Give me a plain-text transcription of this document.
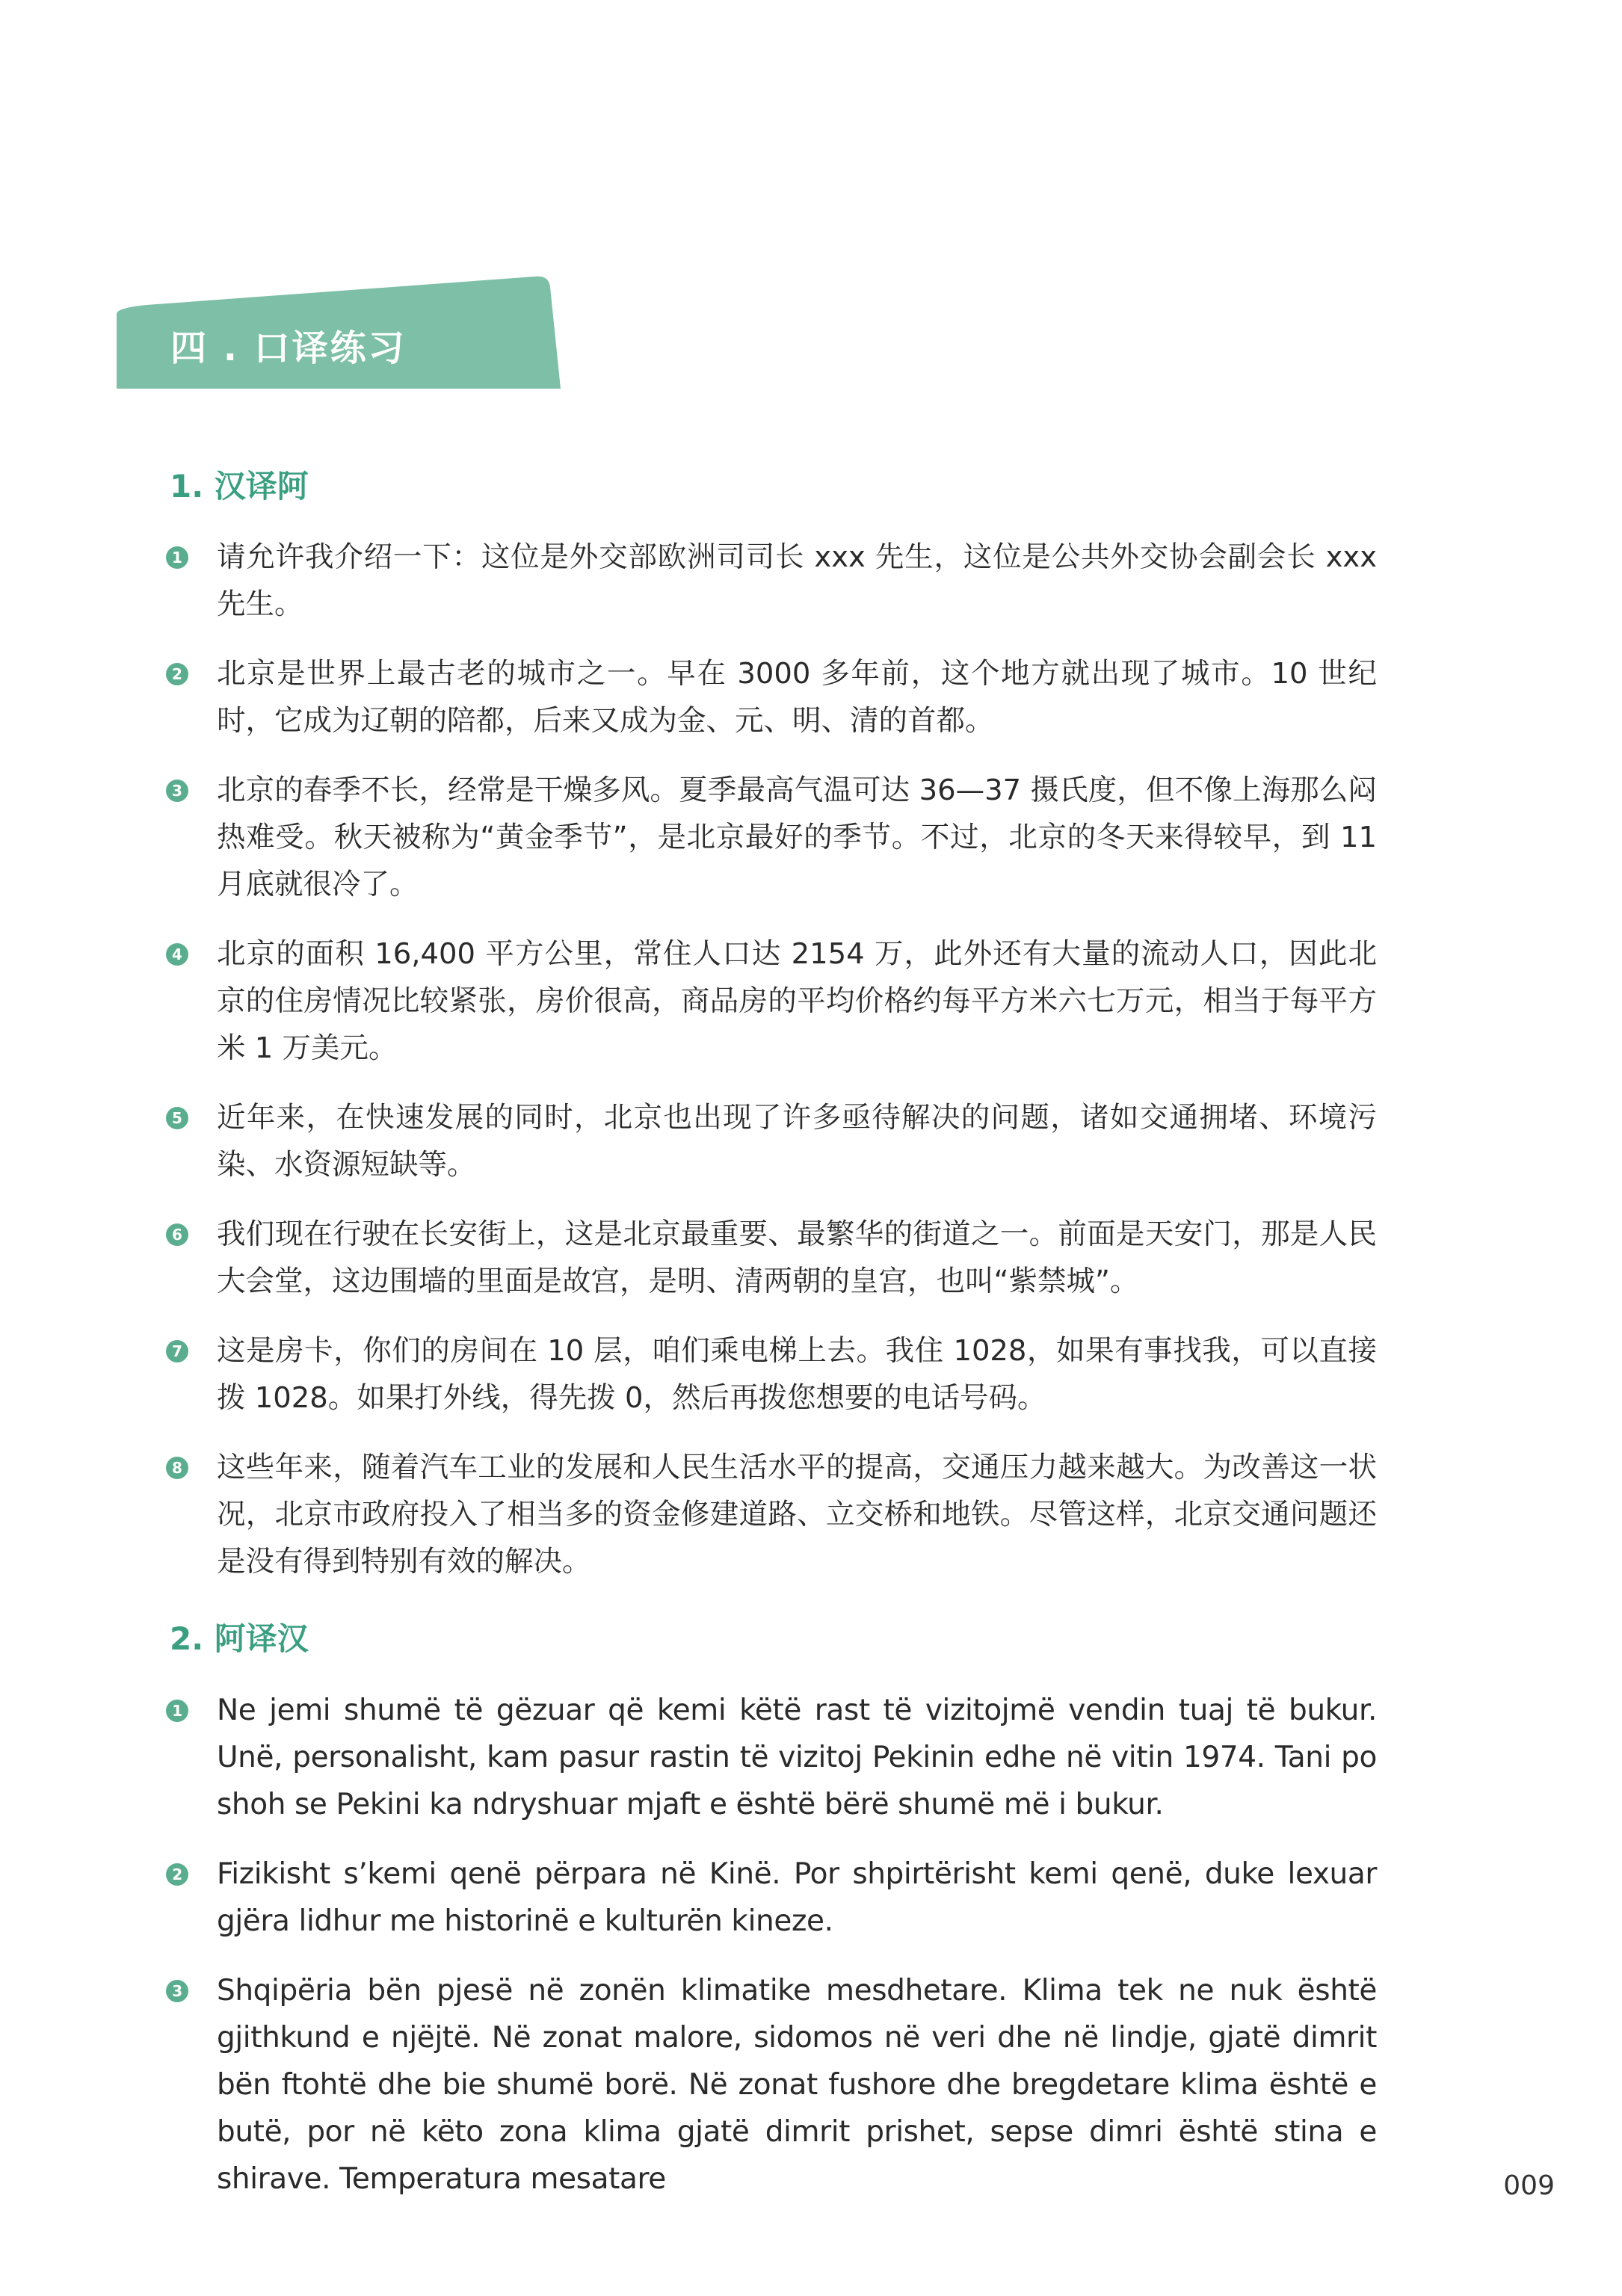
四 . 口译练习
1. 汉译阿
1 请允许我介绍一下：这位是外交部欧洲司司长 xxx 先生，这位是公共外交协会副会长 xxx 先生。
2 北京是世界上最古老的城市之一。早在 3000 多年前，这个地方就出现了城市。10 世纪时，它成为辽朝的陪都，后来又成为金、元、明、清的首都。
3 北京的春季不长，经常是干燥多风。夏季最高气温可达 36—37 摄氏度，但不像上海那么闷热难受。秋天被称为“黄金季节”，是北京最好的季节。不过，北京的冬天来得较早，到 11 月底就很冷了。
4 北京的面积 16,400 平方公里，常住人口达 2154 万，此外还有大量的流动人口，因此北京的住房情况比较紧张，房价很高，商品房的平均价格约每平方米六七万元，相当于每平方米 1 万美元。
5 近年来，在快速发展的同时，北京也出现了许多亟待解决的问题，诸如交通拥堵、环境污染、水资源短缺等。
6 我们现在行驶在长安街上，这是北京最重要、最繁华的街道之一。前面是天安门，那是人民大会堂，这边围墙的里面是故宫，是明、清两朝的皇宫，也叫“紫禁城”。
7 这是房卡，你们的房间在 10 层，咱们乘电梯上去。我住 1028，如果有事找我，可以直接拨 1028。如果打外线，得先拨 0，然后再拨您想要的电话号码。
8 这些年来，随着汽车工业的发展和人民生活水平的提高，交通压力越来越大。为改善这一状况，北京市政府投入了相当多的资金修建道路、立交桥和地铁。尽管这样，北京交通问题还是没有得到特别有效的解决。
2. 阿译汉
1 Ne jemi shumë të gëzuar që kemi këtë rast të vizitojmë vendin tuaj të bukur. Unë, personalisht, kam pasur rastin të vizitoj Pekinin edhe në vitin 1974. Tani po shoh se Pekini ka ndryshuar mjaft e është bërë shumë më i bukur.
2 Fizikisht s’kemi qenë përpara në Kinë. Por shpirtërisht kemi qenë, duke lexuar gjëra lidhur me historinë e kulturën kineze.
3 Shqipëria bën pjesë në zonën klimatike mesdhetare. Klima tek ne nuk është gjithkund e njëjtë. Në zonat malore, sidomos në veri dhe në lindje, gjatë dimrit bën ftohtë dhe bie shumë borë. Në zonat fushore dhe bregdetare klima është e butë, por në këto zona klima gjatë dimrit prishet, sepse dimri është stina e shirave. Temperatura mesatare	009
